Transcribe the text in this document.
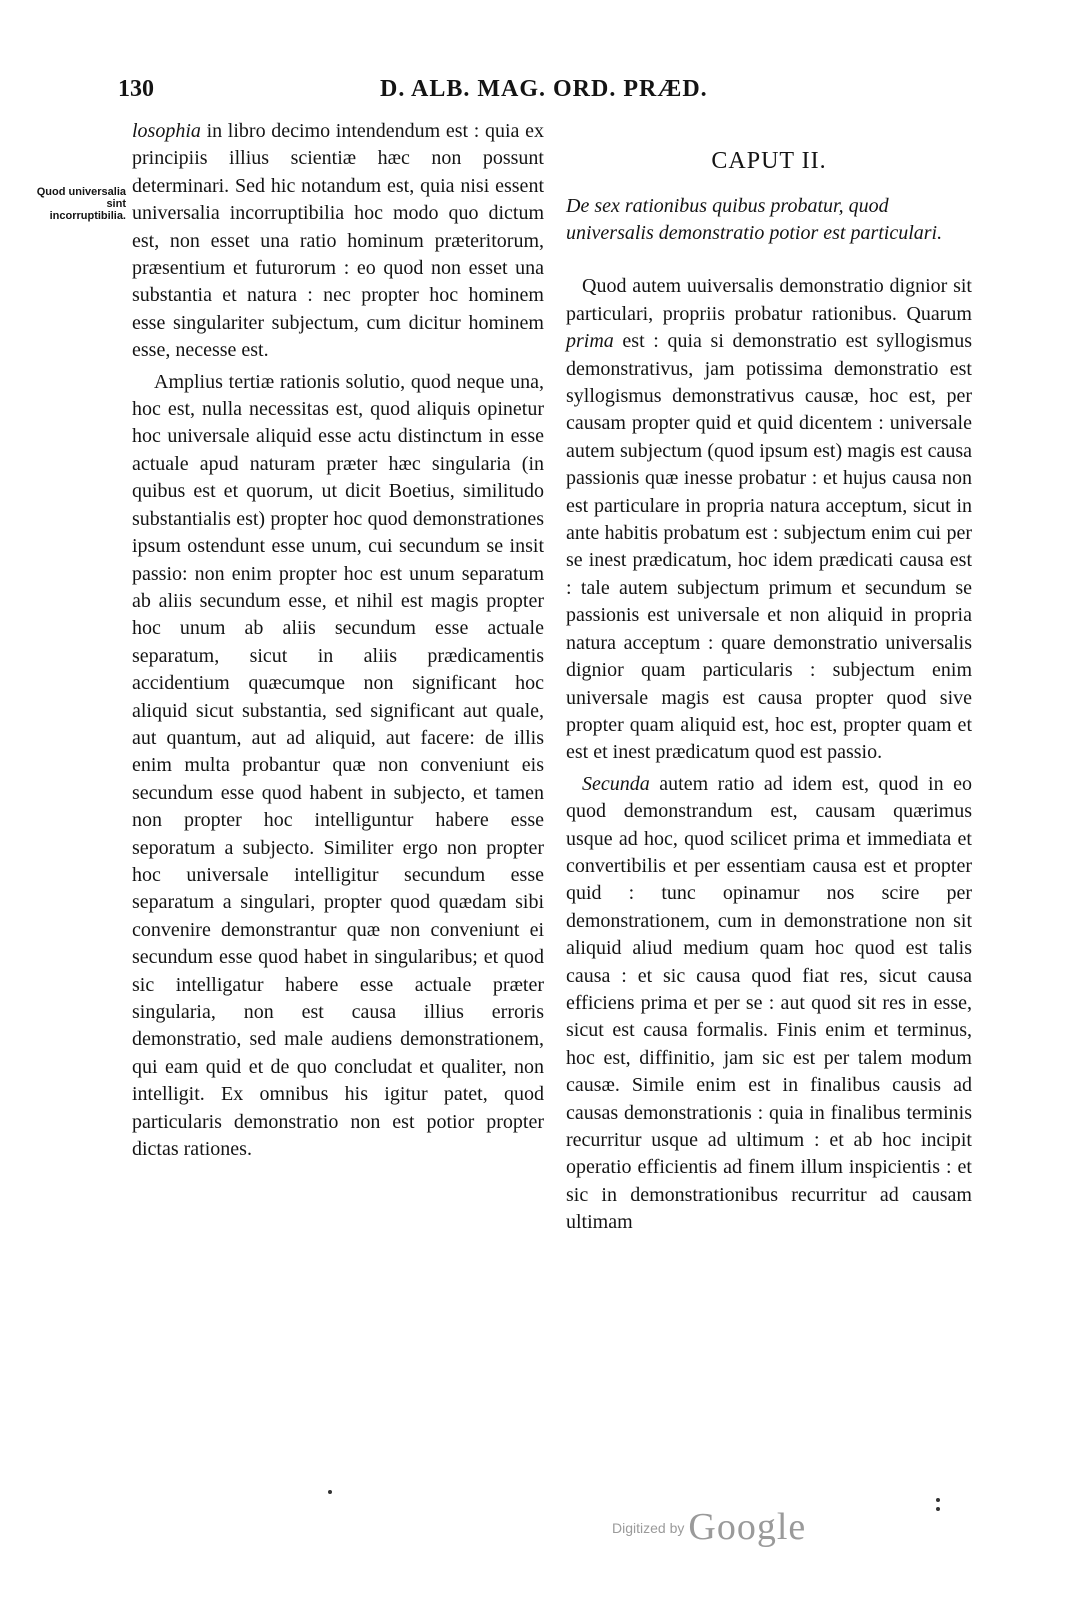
130	D. ALB. MAG. ORD. PRÆD.
Quod universalia sint incorruptibilia.

losophia in libro decimo intendendum est : quia ex principiis illius scientiæ hæc non possunt determinari. Sed hic notandum est, quia nisi essent universalia incorruptibilia hoc modo quo dictum est, non esset una ratio hominum præteritorum, præsentium et futurorum : eo quod non esset una substantia et natura : nec propter hoc hominem esse singulariter subjectum, cum dicitur hominem esse, necesse est.

Amplius tertiæ rationis solutio, quod neque una, hoc est, nulla necessitas est, quod aliquis opinetur hoc universale aliquid esse actu distinctum in esse actuale apud naturam præter hæc singularia (in quibus est et quorum, ut dicit Boetius, similitudo substantialis est) propter hoc quod demonstrationes ipsum ostendunt esse unum, cui secundum se insit passio: non enim propter hoc est unum separatum ab aliis secundum esse, et nihil est magis propter hoc unum ab aliis secundum esse actuale separatum, sicut in aliis prædicamentis accidentium quæcumque non significant hoc aliquid sicut substantia, sed significant aut quale, aut quantum, aut ad aliquid, aut facere: de illis enim multa probantur quæ non conveniunt eis secundum esse quod habent in subjecto, et tamen non propter hoc intelliguntur habere esse seporatum a subjecto. Similiter ergo non propter hoc universale intelligitur secundum esse separatum a singulari, propter quod quædam sibi convenire demonstrantur quæ non conveniunt ei secundum esse quod habet in singularibus; et quod sic intelligatur habere esse actuale præter singularia, non est causa illius erroris demonstratio, sed male audiens demonstrationem, qui eam quid et de quo concludat et qualiter, non intelligit. Ex omnibus his igitur patet, quod particularis demonstratio non est potior propter dictas rationes.

CAPUT II.

De sex rationibus quibus probatur, quod universalis demonstratio potior est particulari.

Quod autem uuiversalis demonstratio dignior sit particulari, propriis probatur rationibus. Quarum prima est : quia si demonstratio est syllogismus demonstrativus, jam potissima demonstratio est syllogismus demonstrativus causæ, hoc est, per causam propter quid et quid dicentem : universale autem subjectum (quod ipsum est) magis est causa passionis quæ inesse probatur : et hujus causa non est particulare in propria natura acceptum, sicut in ante habitis probatum est : subjectum enim cui per se inest prædicatum, hoc idem prædicati causa est : tale autem subjectum primum et secundum se passionis est universale et non aliquid in propria natura acceptum : quare demonstratio universalis dignior quam particularis : subjectum enim universale magis est causa propter quod sive propter quam aliquid est, hoc est, propter quam et est et inest prædicatum quod est passio.

Secunda autem ratio ad idem est, quod in eo quod demonstrandum est, causam quærimus usque ad hoc, quod scilicet prima et immediata et convertibilis et per essentiam causa est et propter quid : tunc opinamur nos scire per demonstrationem, cum in demonstratione non sit aliquid aliud medium quam hoc quod est talis causa : et sic causa quod fiat res, sicut causa efficiens prima et per se : aut quod sit res in esse, sicut est causa formalis. Finis enim et terminus, hoc est, diffinitio, jam sic est per talem modum causæ. Simile enim est in finalibus causis ad causas demonstrationis : quia in finalibus terminis recurritur usque ad ultimum : et ab hoc incipit operatio efficientis ad finem illum inspicientis : et sic in demonstrationibus recurritur ad causam ultimam

Digitized by Google
